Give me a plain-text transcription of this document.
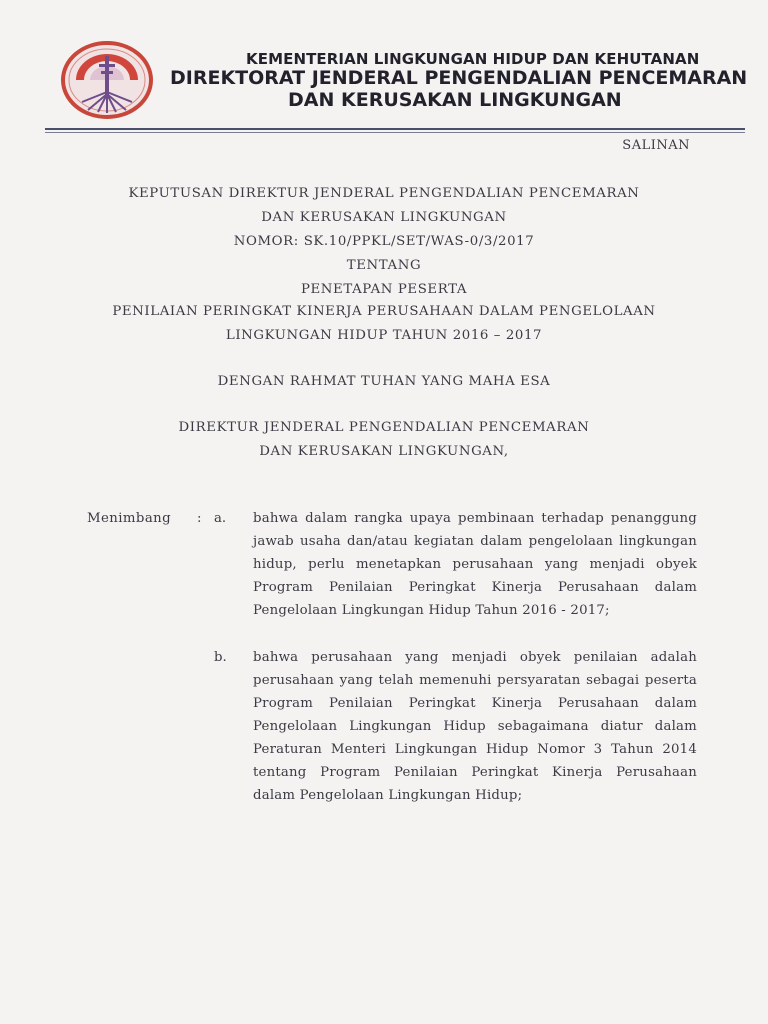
KEMENTERIAN LINGKUNGAN HIDUP DAN KEHUTANAN
DIREKTORAT JENDERAL PENGENDALIAN PENCEMARAN
DAN KERUSAKAN LINGKUNGAN
SALINAN
KEPUTUSAN DIREKTUR JENDERAL PENGENDALIAN PENCEMARAN
DAN KERUSAKAN LINGKUNGAN
NOMOR: SK.10/PPKL/SET/WAS-0/3/2017
TENTANG
PENETAPAN PESERTA
PENILAIAN PERINGKAT KINERJA PERUSAHAAN DALAM PENGELOLAAN
LINGKUNGAN HIDUP TAHUN 2016 – 2017
DENGAN RAHMAT TUHAN YANG MAHA ESA
DIREKTUR JENDERAL PENGENDALIAN PENCEMARAN
DAN KERUSAKAN LINGKUNGAN,
Menimbang : a. bahwa dalam rangka upaya pembinaan terhadap penanggung jawab usaha dan/atau kegiatan dalam pengelolaan lingkungan hidup, perlu menetapkan perusahaan yang menjadi obyek Program Penilaian Peringkat Kinerja Perusahaan dalam Pengelolaan Lingkungan Hidup Tahun 2016 - 2017;
b. bahwa perusahaan yang menjadi obyek penilaian adalah perusahaan yang telah memenuhi persyaratan sebagai peserta Program Penilaian Peringkat Kinerja Perusahaan dalam Pengelolaan Lingkungan Hidup sebagaimana diatur dalam Peraturan Menteri Lingkungan Hidup Nomor 3 Tahun 2014 tentang Program Penilaian Peringkat Kinerja Perusahaan dalam Pengelolaan Lingkungan Hidup;
